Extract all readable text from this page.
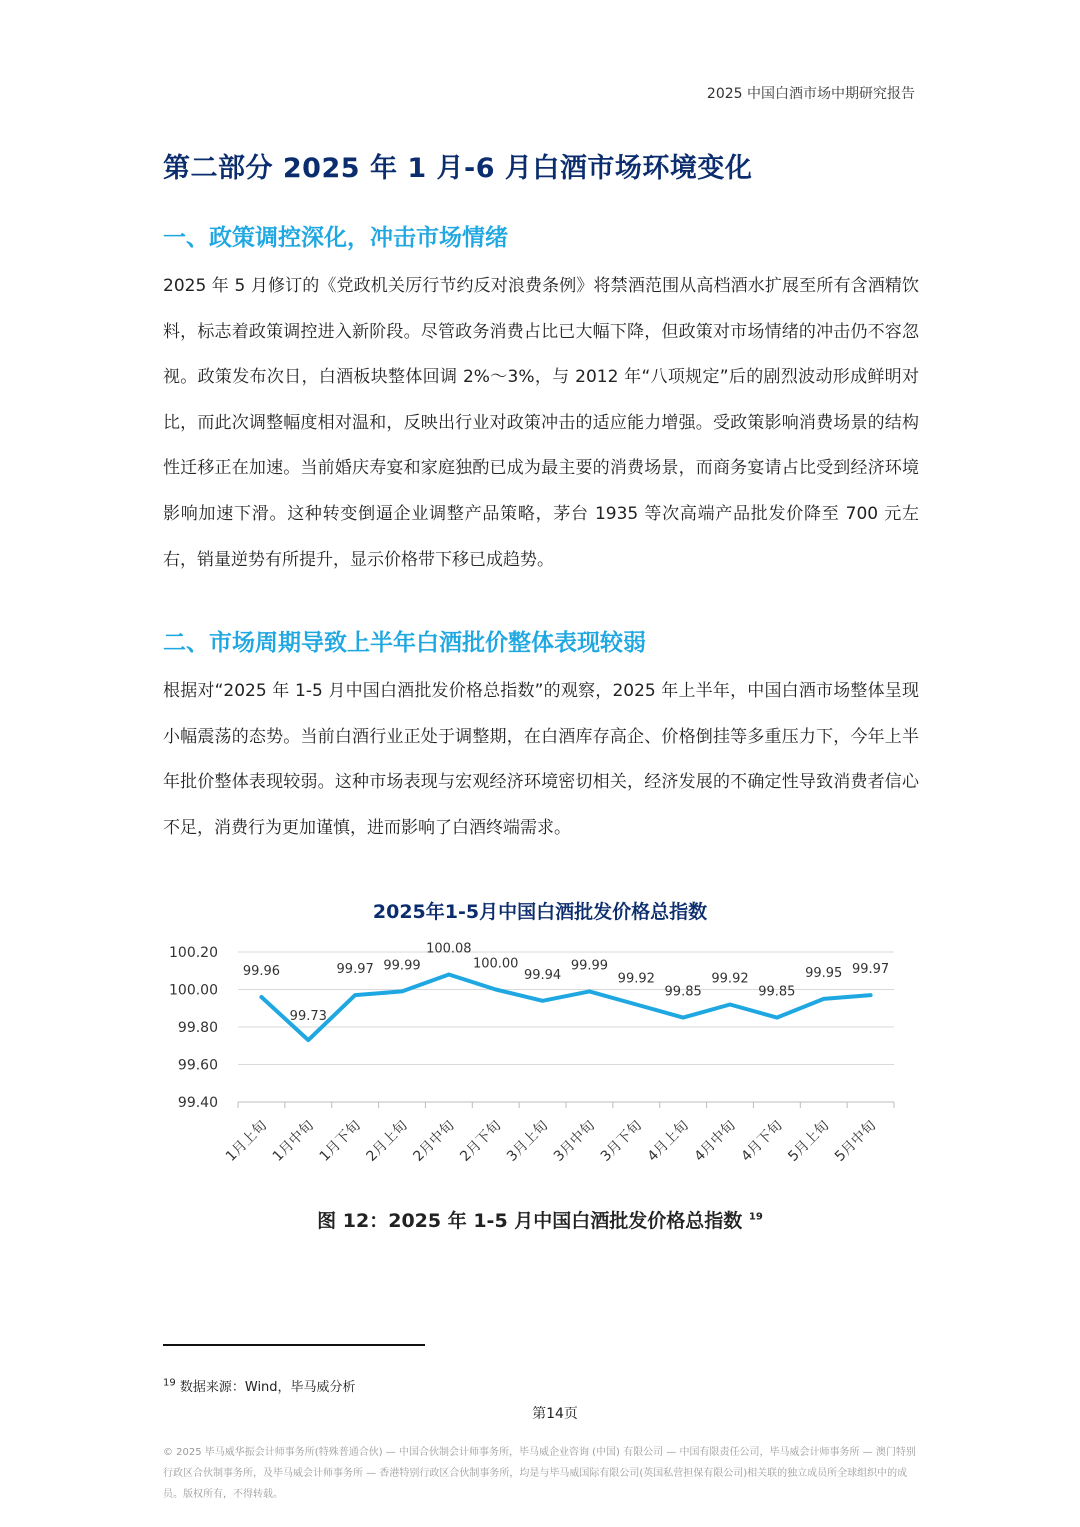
2025 中国白酒市场中期研究报告
第二部分 2025 年 1 月-6 月白酒市场环境变化
一、政策调控深化，冲击市场情绪
2025 年 5 月修订的《党政机关厉行节约反对浪费条例》将禁酒范围从高档酒水扩展至所有含酒精饮料，标志着政策调控进入新阶段。尽管政务消费占比已大幅下降，但政策对市场情绪的冲击仍不容忽视。政策发布次日，白酒板块整体回调 2%～3%，与 2012 年“八项规定”后的剧烈波动形成鲜明对比，而此次调整幅度相对温和，反映出行业对政策冲击的适应能力增强。受政策影响消费场景的结构性迁移正在加速。当前婚庆寿宴和家庭独酌已成为最主要的消费场景，而商务宴请占比受到经济环境影响加速下滑。这种转变倒逼企业调整产品策略，茅台 1935 等次高端产品批发价降至 700 元左右，销量逆势有所提升，显示价格带下移已成趋势。
二、市场周期导致上半年白酒批价整体表现较弱
根据对“2025 年 1-5 月中国白酒批发价格总指数”的观察，2025 年上半年，中国白酒市场整体呈现小幅震荡的态势。当前白酒行业正处于调整期，在白酒库存高企、价格倒挂等多重压力下，今年上半年批价整体表现较弱。这种市场表现与宏观经济环境密切相关，经济发展的不确定性导致消费者信心不足，消费行为更加谨慎，进而影响了白酒终端需求。
2025年1-5月中国白酒批发价格总指数
100.20
100.00
99.80
99.60
99.40
1月上旬 1月中旬 1月下旬 2月上旬 2月中旬 2月下旬 3月上旬 3月中旬 3月下旬 4月上旬 4月中旬 4月下旬 5月上旬 5月中旬
99.96
99.73
99.97 99.99
100.08
100.00
99.94
99.99
99.92
99.85
99.92
99.85
99.95 99.97
图 12：2025 年 1-5 月中国白酒批发价格总指数 $^{19}$
$^{19}$ 数据来源：Wind，毕马威分析
第14页
© 2025 毕马威华振会计师事务所(特殊普通合伙) — 中国合伙制会计师事务所，毕马威企业咨询 (中国) 有限公司 — 中国有限责任公司，毕马威会计师事务所 — 澳门特别行政区合伙制事务所，及毕马威会计师事务所 — 香港特别行政区合伙制事务所，均是与毕马威国际有限公司(英国私营担保有限公司)相关联的独立成员所全球组织中的成员。版权所有，不得转载。
